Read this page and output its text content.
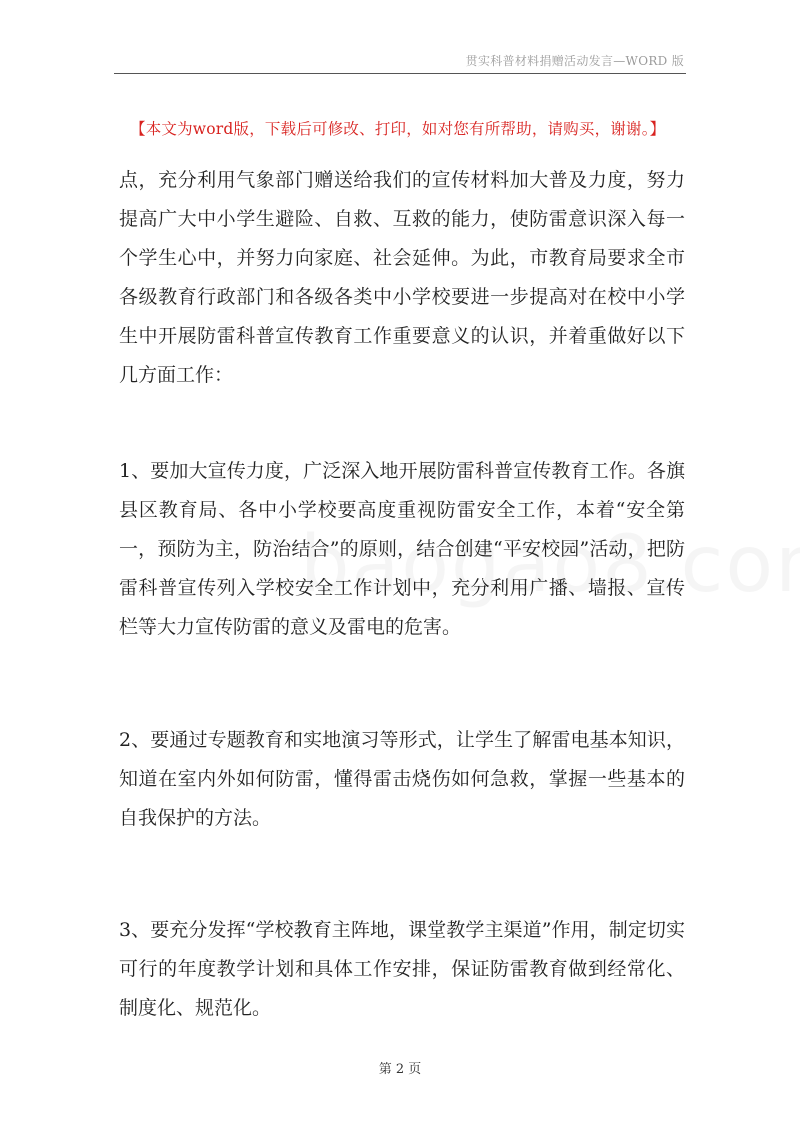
贯实科普材料捐赠活动发言—WORD 版
【本文为word版，下载后可修改、打印，如对您有所帮助，请购买，谢谢。】
点，充分利用气象部门赠送给我们的宣传材料加大普及力度，努力提高广大中小学生避险、自救、互救的能力，使防雷意识深入每一个学生心中，并努力向家庭、社会延伸。为此，市教育局要求全市各级教育行政部门和各级各类中小学校要进一步提高对在校中小学生中开展防雷科普宣传教育工作重要意义的认识，并着重做好以下几方面工作：
1、要加大宣传力度，广泛深入地开展防雷科普宣传教育工作。各旗县区教育局、各中小学校要高度重视防雷安全工作，本着“安全第一，预防为主，防治结合”的原则，结合创建“平安校园”活动，把防雷科普宣传列入学校安全工作计划中，充分利用广播、墙报、宣传栏等大力宣传防雷的意义及雷电的危害。
2、要通过专题教育和实地演习等形式，让学生了解雷电基本知识，知道在室内外如何防雷，懂得雷击烧伤如何急救，掌握一些基本的自我保护的方法。
3、要充分发挥“学校教育主阵地，课堂教学主渠道”作用，制定切实可行的年度教学计划和具体工作安排，保证防雷教育做到经常化、制度化、规范化。
第 2 页
